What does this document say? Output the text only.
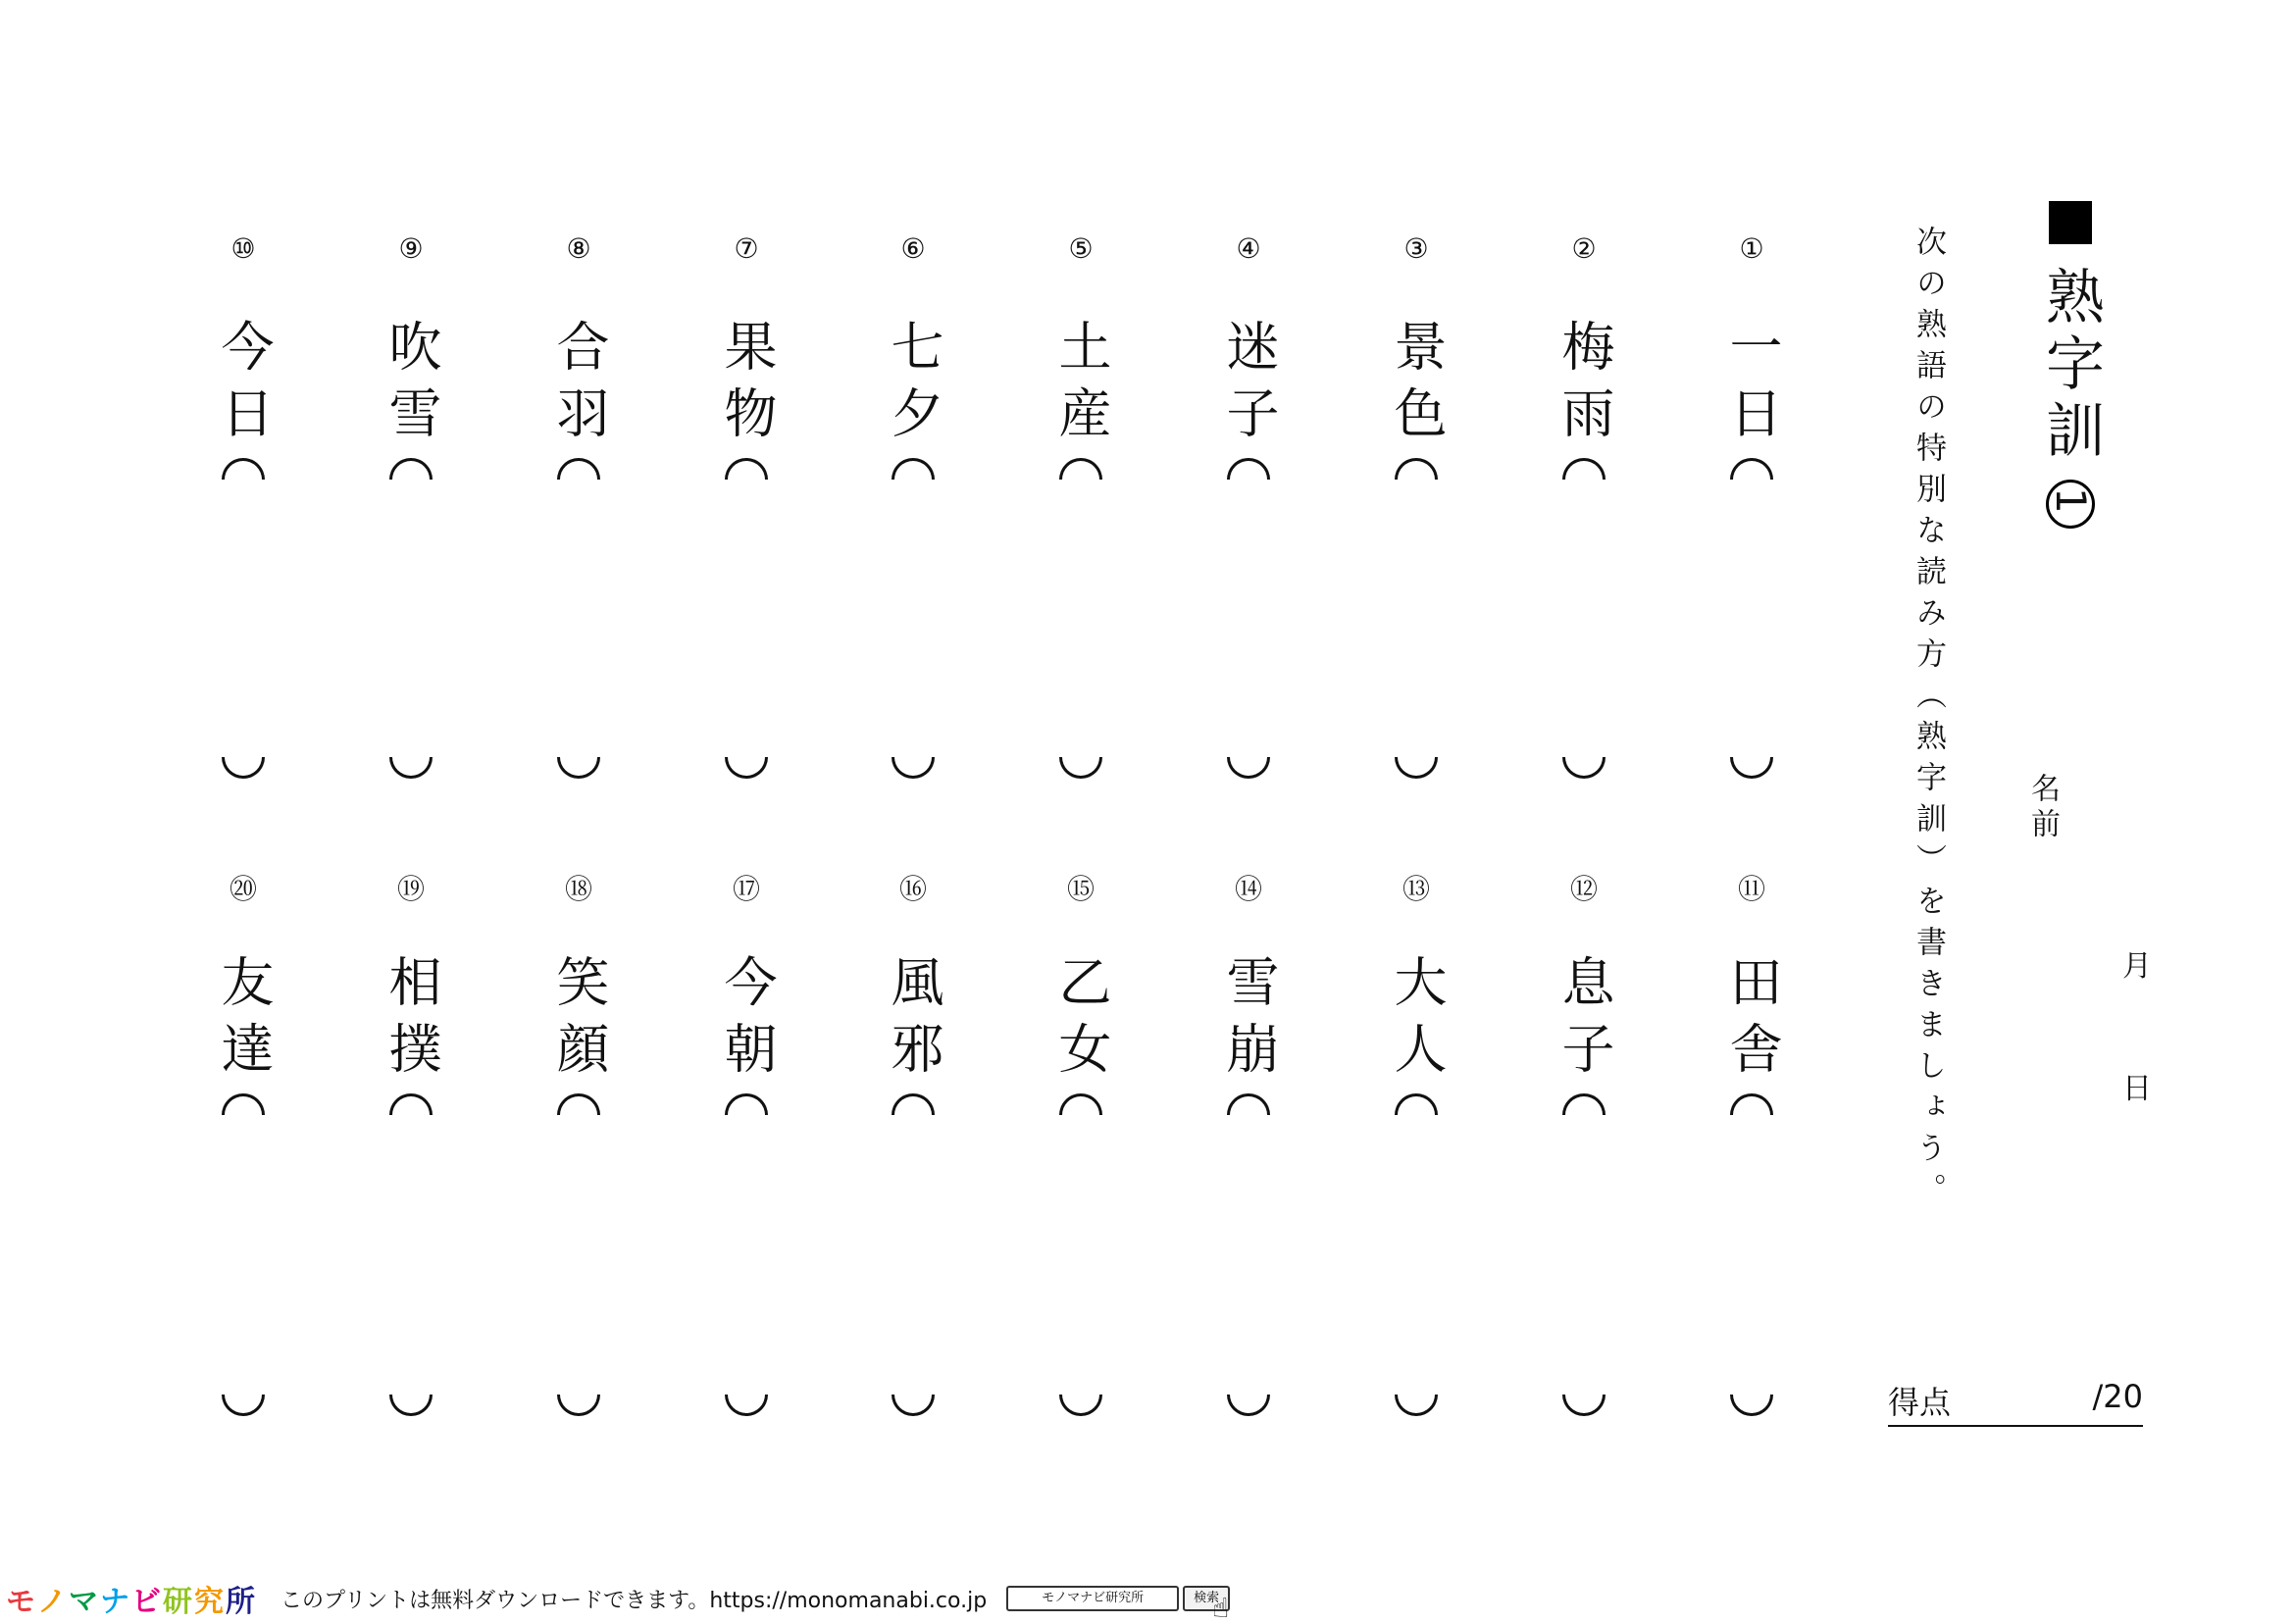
熟字訓
1
次の熟語の特別な読み方（熟字訓）を書きましょう。	名前
月
日
得点	/20
⑩
今日
⑨
吹雪
⑧
合羽
⑦
果物
⑥
七夕
⑤
土産
④
迷子
③
景色
②
梅雨
①
一日
⑳
友達
⑲
相撲
⑱
笑顔
⑰
今朝
⑯
風邪
⑮
乙女
⑭
雪崩
⑬
大人
⑫
息子
⑪
田舎
モ ノ マ ナ ビ 研 究 所 このプリントは無料ダウンロードできます。https://monomanabi.co.jp	モノマナビ研究所	検索
☝
